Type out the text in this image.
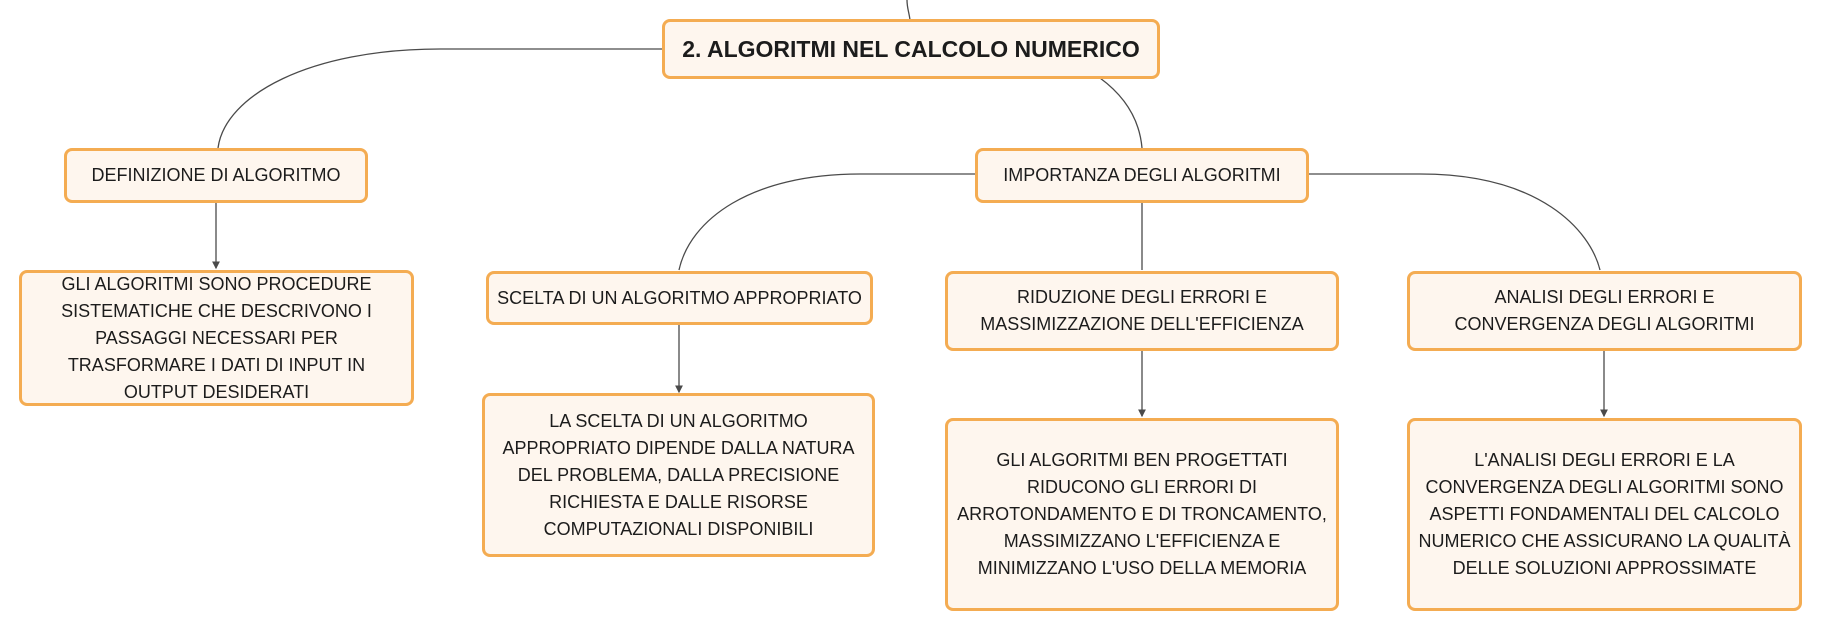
2. ALGORITMI NEL CALCOLO NUMERICO
DEFINIZIONE DI ALGORITMO
GLI ALGORITMI SONO PROCEDURE SISTEMATICHE CHE DESCRIVONO I PASSAGGI NECESSARI PER TRASFORMARE I DATI DI INPUT IN OUTPUT DESIDERATI
IMPORTANZA DEGLI ALGORITMI
SCELTA DI UN ALGORITMO APPROPRIATO
LA SCELTA DI UN ALGORITMO APPROPRIATO DIPENDE DALLA NATURA DEL PROBLEMA, DALLA PRECISIONE RICHIESTA E DALLE RISORSE COMPUTAZIONALI DISPONIBILI
RIDUZIONE DEGLI ERRORI E MASSIMIZZAZIONE DELL'EFFICIENZA
GLI ALGORITMI BEN PROGETTATI RIDUCONO GLI ERRORI DI ARROTONDAMENTO E DI TRONCAMENTO, MASSIMIZZANO L'EFFICIENZA E MINIMIZZANO L'USO DELLA MEMORIA
ANALISI DEGLI ERRORI E CONVERGENZA DEGLI ALGORITMI
L'ANALISI DEGLI ERRORI E LA CONVERGENZA DEGLI ALGORITMI SONO ASPETTI FONDAMENTALI DEL CALCOLO NUMERICO CHE ASSICURANO LA QUALITÀ DELLE SOLUZIONI APPROSSIMATE
